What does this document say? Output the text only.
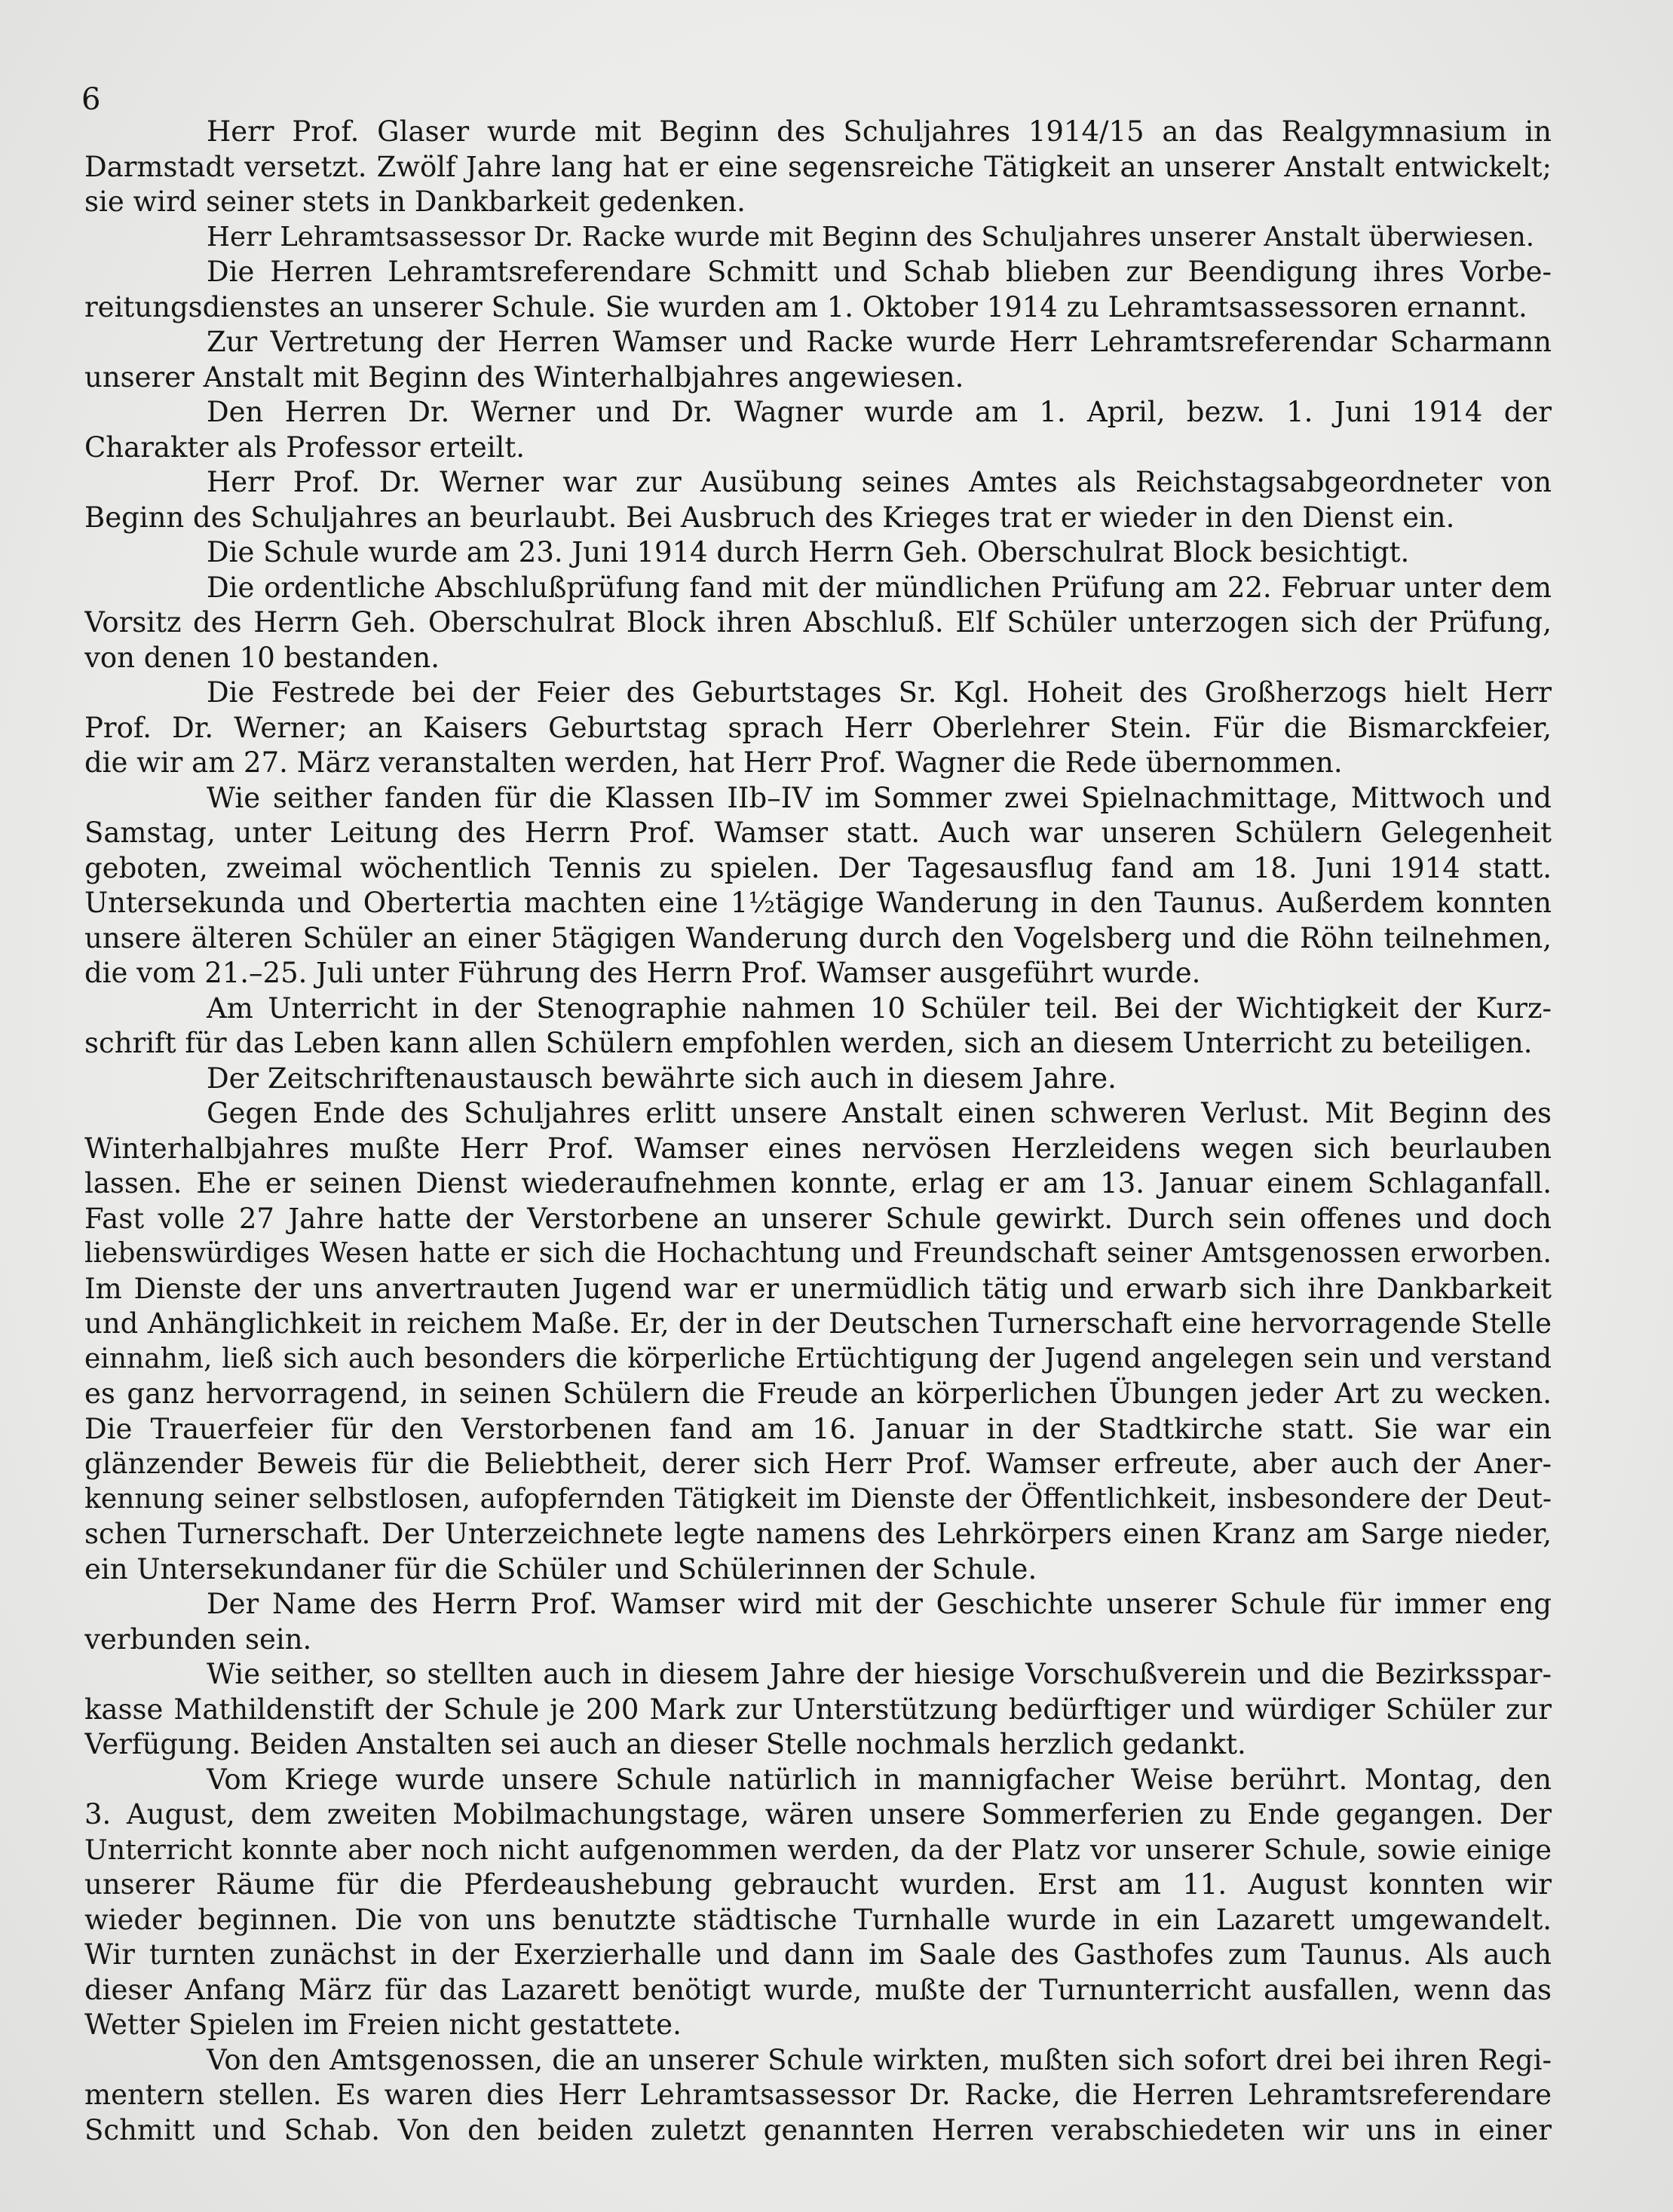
6
Herr Prof. Glaser wurde mit Beginn des Schuljahres 1914/15 an das Realgymnasium in
Darmstadt versetzt. Zwölf Jahre lang hat er eine segensreiche Tätigkeit an unserer Anstalt entwickelt;
sie wird seiner stets in Dankbarkeit gedenken.
Herr Lehramtsassessor Dr. Racke wurde mit Beginn des Schuljahres unserer Anstalt überwiesen.
Die Herren Lehramtsreferendare Schmitt und Schab blieben zur Beendigung ihres Vorbe-
reitungsdienstes an unserer Schule. Sie wurden am 1. Oktober 1914 zu Lehramtsassessoren ernannt.
Zur Vertretung der Herren Wamser und Racke wurde Herr Lehramtsreferendar Scharmann
unserer Anstalt mit Beginn des Winterhalbjahres angewiesen.
Den Herren Dr. Werner und Dr. Wagner wurde am 1. April, bezw. 1. Juni 1914 der
Charakter als Professor erteilt.
Herr Prof. Dr. Werner war zur Ausübung seines Amtes als Reichstagsabgeordneter von
Beginn des Schuljahres an beurlaubt. Bei Ausbruch des Krieges trat er wieder in den Dienst ein.
Die Schule wurde am 23. Juni 1914 durch Herrn Geh. Oberschulrat Block besichtigt.
Die ordentliche Abschlußprüfung fand mit der mündlichen Prüfung am 22. Februar unter dem
Vorsitz des Herrn Geh. Oberschulrat Block ihren Abschluß. Elf Schüler unterzogen sich der Prüfung,
von denen 10 bestanden.
Die Festrede bei der Feier des Geburtstages Sr. Kgl. Hoheit des Großherzogs hielt Herr
Prof. Dr. Werner; an Kaisers Geburtstag sprach Herr Oberlehrer Stein. Für die Bismarckfeier,
die wir am 27. März veranstalten werden, hat Herr Prof. Wagner die Rede übernommen.
Wie seither fanden für die Klassen IIb–IV im Sommer zwei Spielnachmittage, Mittwoch und
Samstag, unter Leitung des Herrn Prof. Wamser statt. Auch war unseren Schülern Gelegenheit
geboten, zweimal wöchentlich Tennis zu spielen. Der Tagesausflug fand am 18. Juni 1914 statt.
Untersekunda und Obertertia machten eine 1½tägige Wanderung in den Taunus. Außerdem konnten
unsere älteren Schüler an einer 5tägigen Wanderung durch den Vogelsberg und die Röhn teilnehmen,
die vom 21.–25. Juli unter Führung des Herrn Prof. Wamser ausgeführt wurde.
Am Unterricht in der Stenographie nahmen 10 Schüler teil. Bei der Wichtigkeit der Kurz-
schrift für das Leben kann allen Schülern empfohlen werden, sich an diesem Unterricht zu beteiligen.
Der Zeitschriftenaustausch bewährte sich auch in diesem Jahre.
Gegen Ende des Schuljahres erlitt unsere Anstalt einen schweren Verlust. Mit Beginn des
Winterhalbjahres mußte Herr Prof. Wamser eines nervösen Herzleidens wegen sich beurlauben
lassen. Ehe er seinen Dienst wiederaufnehmen konnte, erlag er am 13. Januar einem Schlaganfall.
Fast volle 27 Jahre hatte der Verstorbene an unserer Schule gewirkt. Durch sein offenes und doch
liebenswürdiges Wesen hatte er sich die Hochachtung und Freundschaft seiner Amtsgenossen erworben.
Im Dienste der uns anvertrauten Jugend war er unermüdlich tätig und erwarb sich ihre Dankbarkeit
und Anhänglichkeit in reichem Maße. Er, der in der Deutschen Turnerschaft eine hervorragende Stelle
einnahm, ließ sich auch besonders die körperliche Ertüchtigung der Jugend angelegen sein und verstand
es ganz hervorragend, in seinen Schülern die Freude an körperlichen Übungen jeder Art zu wecken.
Die Trauerfeier für den Verstorbenen fand am 16. Januar in der Stadtkirche statt. Sie war ein
glänzender Beweis für die Beliebtheit, derer sich Herr Prof. Wamser erfreute, aber auch der Aner-
kennung seiner selbstlosen, aufopfernden Tätigkeit im Dienste der Öffentlichkeit, insbesondere der Deut-
schen Turnerschaft. Der Unterzeichnete legte namens des Lehrkörpers einen Kranz am Sarge nieder,
ein Untersekundaner für die Schüler und Schülerinnen der Schule.
Der Name des Herrn Prof. Wamser wird mit der Geschichte unserer Schule für immer eng
verbunden sein.
Wie seither, so stellten auch in diesem Jahre der hiesige Vorschußverein und die Bezirksspar-
kasse Mathildenstift der Schule je 200 Mark zur Unterstützung bedürftiger und würdiger Schüler zur
Verfügung. Beiden Anstalten sei auch an dieser Stelle nochmals herzlich gedankt.
Vom Kriege wurde unsere Schule natürlich in mannigfacher Weise berührt. Montag, den
3. August, dem zweiten Mobilmachungstage, wären unsere Sommerferien zu Ende gegangen. Der
Unterricht konnte aber noch nicht aufgenommen werden, da der Platz vor unserer Schule, sowie einige
unserer Räume für die Pferdeaushebung gebraucht wurden. Erst am 11. August konnten wir
wieder beginnen. Die von uns benutzte städtische Turnhalle wurde in ein Lazarett umgewandelt.
Wir turnten zunächst in der Exerzierhalle und dann im Saale des Gasthofes zum Taunus. Als auch
dieser Anfang März für das Lazarett benötigt wurde, mußte der Turnunterricht ausfallen, wenn das
Wetter Spielen im Freien nicht gestattete.
Von den Amtsgenossen, die an unserer Schule wirkten, mußten sich sofort drei bei ihren Regi-
mentern stellen. Es waren dies Herr Lehramtsassessor Dr. Racke, die Herren Lehramtsreferendare
Schmitt und Schab. Von den beiden zuletzt genannten Herren verabschiedeten wir uns in einer
